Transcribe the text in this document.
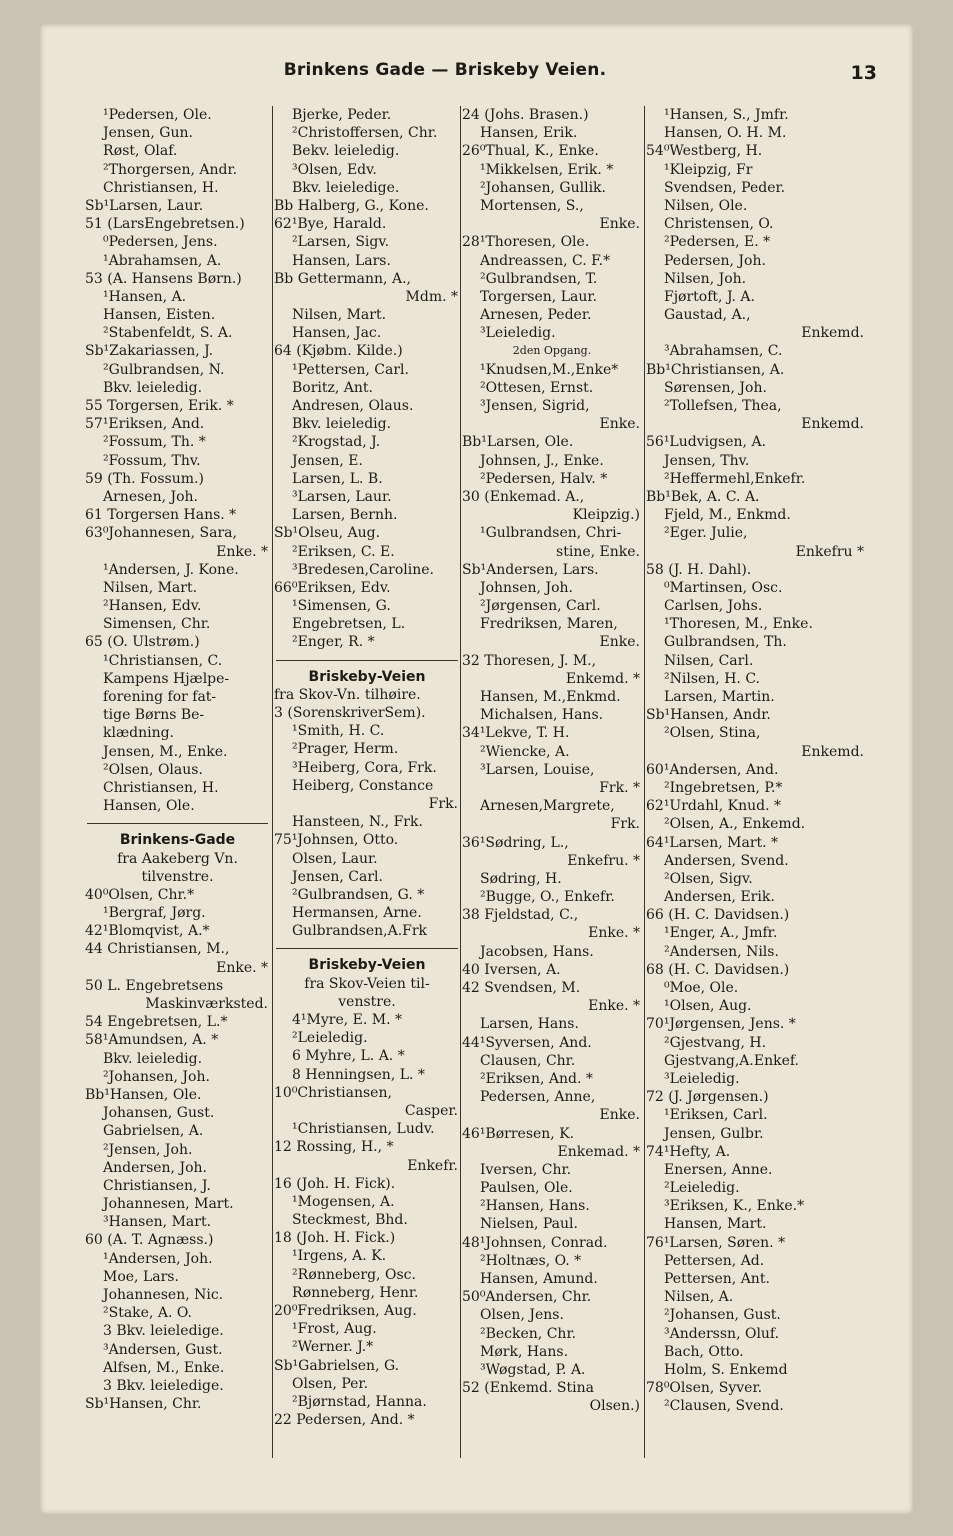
Brinkens Gade — Briskeby Veien.	13
¹Pedersen, Ole.
Jensen, Gun.
Røst, Olaf.
²Thorgersen, Andr.
Christiansen, H.
Sb¹Larsen, Laur.
51 (LarsEngebretsen.)
⁰Pedersen, Jens.
¹Abrahamsen, A.
53 (A. Hansens Børn.)
¹Hansen, A.
Hansen, Eisten.
²Stabenfeldt, S. A.
Sb¹Zakariassen, J.
²Gulbrandsen, N.
Bkv. leieledig.
55 Torgersen, Erik. *
57¹Eriksen, And.
²Fossum, Th. *
²Fossum, Thv.
59 (Th. Fossum.)
Arnesen, Joh.
61 Torgersen Hans. *
63⁰Johannesen, Sara,
Enke. *
¹Andersen, J. Kone.
Nilsen, Mart.
²Hansen, Edv.
Simensen, Chr.
65 (O. Ulstrøm.)
¹Christiansen, C.
Kampens Hjælpe-
forening for fat-
tige Børns Be-
klædning.
Jensen, M., Enke.
²Olsen, Olaus.
Christiansen, H.
Hansen, Ole.
Brinkens-Gade
fra Aakeberg Vn.
tilvenstre.
40⁰Olsen, Chr.*
¹Bergraf, Jørg.
42¹Blomqvist, A.*
44 Christiansen, M.,
Enke. *
50 L. Engebretsens
Maskinværksted.
54 Engebretsen, L.*
58¹Amundsen, A. *
Bkv. leieledig.
²Johansen, Joh.
Bb¹Hansen, Ole.
Johansen, Gust.
Gabrielsen, A.
²Jensen, Joh.
Andersen, Joh.
Christiansen, J.
Johannesen, Mart.
³Hansen, Mart.
60 (A. T. Agnæss.)
¹Andersen, Joh.
Moe, Lars.
Johannesen, Nic.
²Stake, A. O.
3 Bkv. leieledige.
³Andersen, Gust.
Alfsen, M., Enke.
3 Bkv. leieledige.
Sb¹Hansen, Chr.
Bjerke, Peder.
²Christoffersen, Chr.
Bekv. leieledig.
³Olsen, Edv.
Bkv. leieledige.
Bb Halberg, G., Kone.
62¹Bye, Harald.
²Larsen, Sigv.
Hansen, Lars.
Bb Gettermann, A.,
Mdm. *
Nilsen, Mart.
Hansen, Jac.
64 (Kjøbm. Kilde.)
¹Pettersen, Carl.
Boritz, Ant.
Andresen, Olaus.
Bkv. leieledig.
²Krogstad, J.
Jensen, E.
Larsen, L. B.
³Larsen, Laur.
Larsen, Bernh.
Sb¹Olseu, Aug.
²Eriksen, C. E.
³Bredesen,Caroline.
66⁰Eriksen, Edv.
¹Simensen, G.
Engebretsen, L.
²Enger, R. *
Briskeby-Veien
fra Skov-Vn. tilhøire.
3 (SorenskriverSem).
¹Smith, H. C.
²Prager, Herm.
³Heiberg, Cora, Frk.
Heiberg, Constance
Frk.
Hansteen, N., Frk.
75¹Johnsen, Otto.
Olsen, Laur.
Jensen, Carl.
²Gulbrandsen, G. *
Hermansen, Arne.
Gulbrandsen,A.Frk
Briskeby-Veien
fra Skov-Veien til-
venstre.
4¹Myre, E. M. *
²Leieledig.
6 Myhre, L. A. *
8 Henningsen, L. *
10⁰Christiansen,
Casper.
¹Christiansen, Ludv.
12 Rossing, H., *
Enkefr.
16 (Joh. H. Fick).
¹Mogensen, A.
Steckmest, Bhd.
18 (Joh. H. Fick.)
¹Irgens, A. K.
²Rønneberg, Osc.
Rønneberg, Henr.
20⁰Fredriksen, Aug.
¹Frost, Aug.
²Werner. J.*
Sb¹Gabrielsen, G.
Olsen, Per.
²Bjørnstad, Hanna.
22 Pedersen, And. *
24 (Johs. Brasen.)
Hansen, Erik.
26⁰Thual, K., Enke.
¹Mikkelsen, Erik. *
²Johansen, Gullik.
Mortensen, S.,
Enke.
28¹Thoresen, Ole.
Andreassen, C. F.*
²Gulbrandsen, T.
Torgersen, Laur.
Arnesen, Peder.
³Leieledig.
2den Opgang.
¹Knudsen,M.,Enke*
²Ottesen, Ernst.
³Jensen, Sigrid,
Enke.
Bb¹Larsen, Ole.
Johnsen, J., Enke.
²Pedersen, Halv. *
30 (Enkemad. A.,
Kleipzig.)
¹Gulbrandsen, Chri-
stine, Enke.
Sb¹Andersen, Lars.
Johnsen, Joh.
²Jørgensen, Carl.
Fredriksen, Maren,
Enke.
32 Thoresen, J. M.,
Enkemd. *
Hansen, M.,Enkmd.
Michalsen, Hans.
34¹Lekve, T. H.
²Wiencke, A.
³Larsen, Louise,
Frk. *
Arnesen,Margrete,
Frk.
36¹Sødring, L.,
Enkefru. *
Sødring, H.
²Bugge, O., Enkefr.
38 Fjeldstad, C.,
Enke. *
Jacobsen, Hans.
40 Iversen, A.
42 Svendsen, M.
Enke. *
Larsen, Hans.
44¹Syversen, And.
Clausen, Chr.
²Eriksen, And. *
Pedersen, Anne,
Enke.
46¹Børresen, K.
Enkemad. *
Iversen, Chr.
Paulsen, Ole.
²Hansen, Hans.
Nielsen, Paul.
48¹Johnsen, Conrad.
²Holtnæs, O. *
Hansen, Amund.
50⁰Andersen, Chr.
Olsen, Jens.
²Becken, Chr.
Mørk, Hans.
³Wøgstad, P. A.
52 (Enkemd. Stina
Olsen.)
¹Hansen, S., Jmfr.
Hansen, O. H. M.
54⁰Westberg, H.
¹Kleipzig, Fr
Svendsen, Peder.
Nilsen, Ole.
Christensen, O.
²Pedersen, E. *
Pedersen, Joh.
Nilsen, Joh.
Fjørtoft, J. A.
Gaustad, A.,
Enkemd.
³Abrahamsen, C.
Bb¹Christiansen, A.
Sørensen, Joh.
²Tollefsen, Thea,
Enkemd.
56¹Ludvigsen, A.
Jensen, Thv.
²Heffermehl,Enkefr.
Bb¹Bek, A. C. A.
Fjeld, M., Enkmd.
²Eger. Julie,
Enkefru *
58 (J. H. Dahl).
⁰Martinsen, Osc.
Carlsen, Johs.
¹Thoresen, M., Enke.
Gulbrandsen, Th.
Nilsen, Carl.
²Nilsen, H. C.
Larsen, Martin.
Sb¹Hansen, Andr.
²Olsen, Stina,
Enkemd.
60¹Andersen, And.
²Ingebretsen, P.*
62¹Urdahl, Knud. *
²Olsen, A., Enkemd.
64¹Larsen, Mart. *
Andersen, Svend.
²Olsen, Sigv.
Andersen, Erik.
66 (H. C. Davidsen.)
¹Enger, A., Jmfr.
²Andersen, Nils.
68 (H. C. Davidsen.)
⁰Moe, Ole.
¹Olsen, Aug.
70¹Jørgensen, Jens. *
²Gjestvang, H.
Gjestvang,A.Enkef.
³Leieledig.
72 (J. Jørgensen.)
¹Eriksen, Carl.
Jensen, Gulbr.
74¹Hefty, A.
Enersen, Anne.
²Leieledig.
³Eriksen, K., Enke.*
Hansen, Mart.
76¹Larsen, Søren. *
Pettersen, Ad.
Pettersen, Ant.
Nilsen, A.
²Johansen, Gust.
³Anderssn, Oluf.
Bach, Otto.
Holm, S. Enkemd
78⁰Olsen, Syver.
²Clausen, Svend.
